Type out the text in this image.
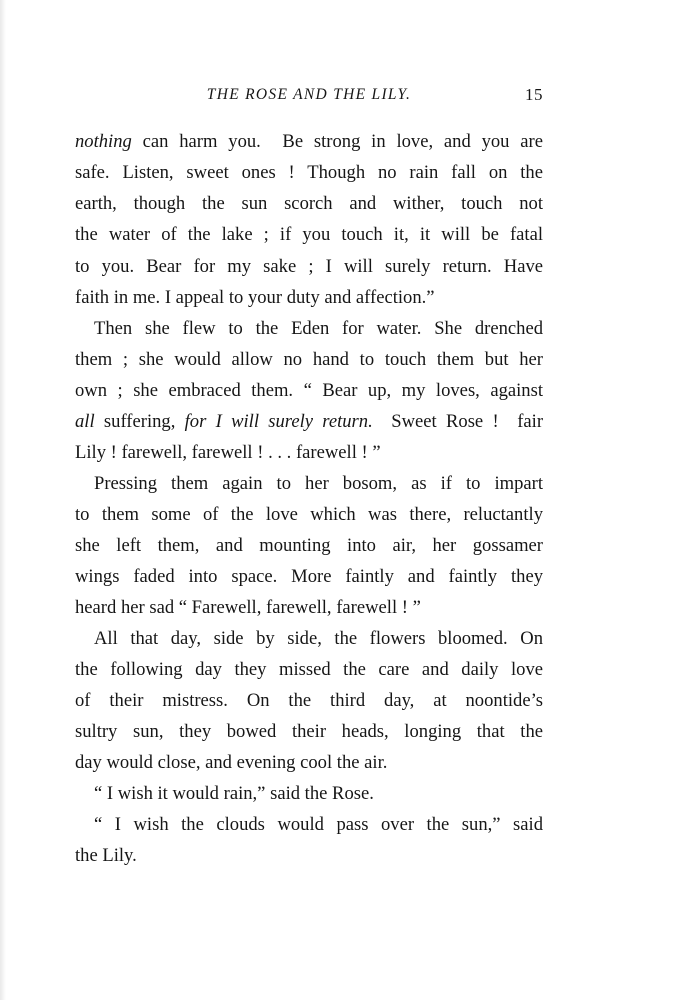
THE ROSE AND THE LILY.	15
nothing can harm you.  Be strong in love, and you are
safe. Listen, sweet ones ! Though no rain fall on the
earth, though the sun scorch and wither, touch not
the water of the lake ; if you touch it, it will be fatal
to you. Bear for my sake ; I will surely return. Have
faith in me. I appeal to your duty and affection.”
Then she flew to the Eden for water. She drenched
them ; she would allow no hand to touch them but her
own ; she embraced them. “ Bear up, my loves, against
all suffering, for I will surely return.  Sweet Rose !  fair
Lily ! farewell, farewell ! . . . farewell ! ”
Pressing them again to her bosom, as if to impart
to them some of the love which was there, reluctantly
she left them, and mounting into air, her gossamer
wings faded into space. More faintly and faintly they
heard her sad “ Farewell, farewell, farewell ! ”
All that day, side by side, the flowers bloomed. On
the following day they missed the care and daily love
of their mistress. On the third day, at noontide’s
sultry sun, they bowed their heads, longing that the
day would close, and evening cool the air.
“ I wish it would rain,” said the Rose.
“ I wish the clouds would pass over the sun,” said
the Lily.
